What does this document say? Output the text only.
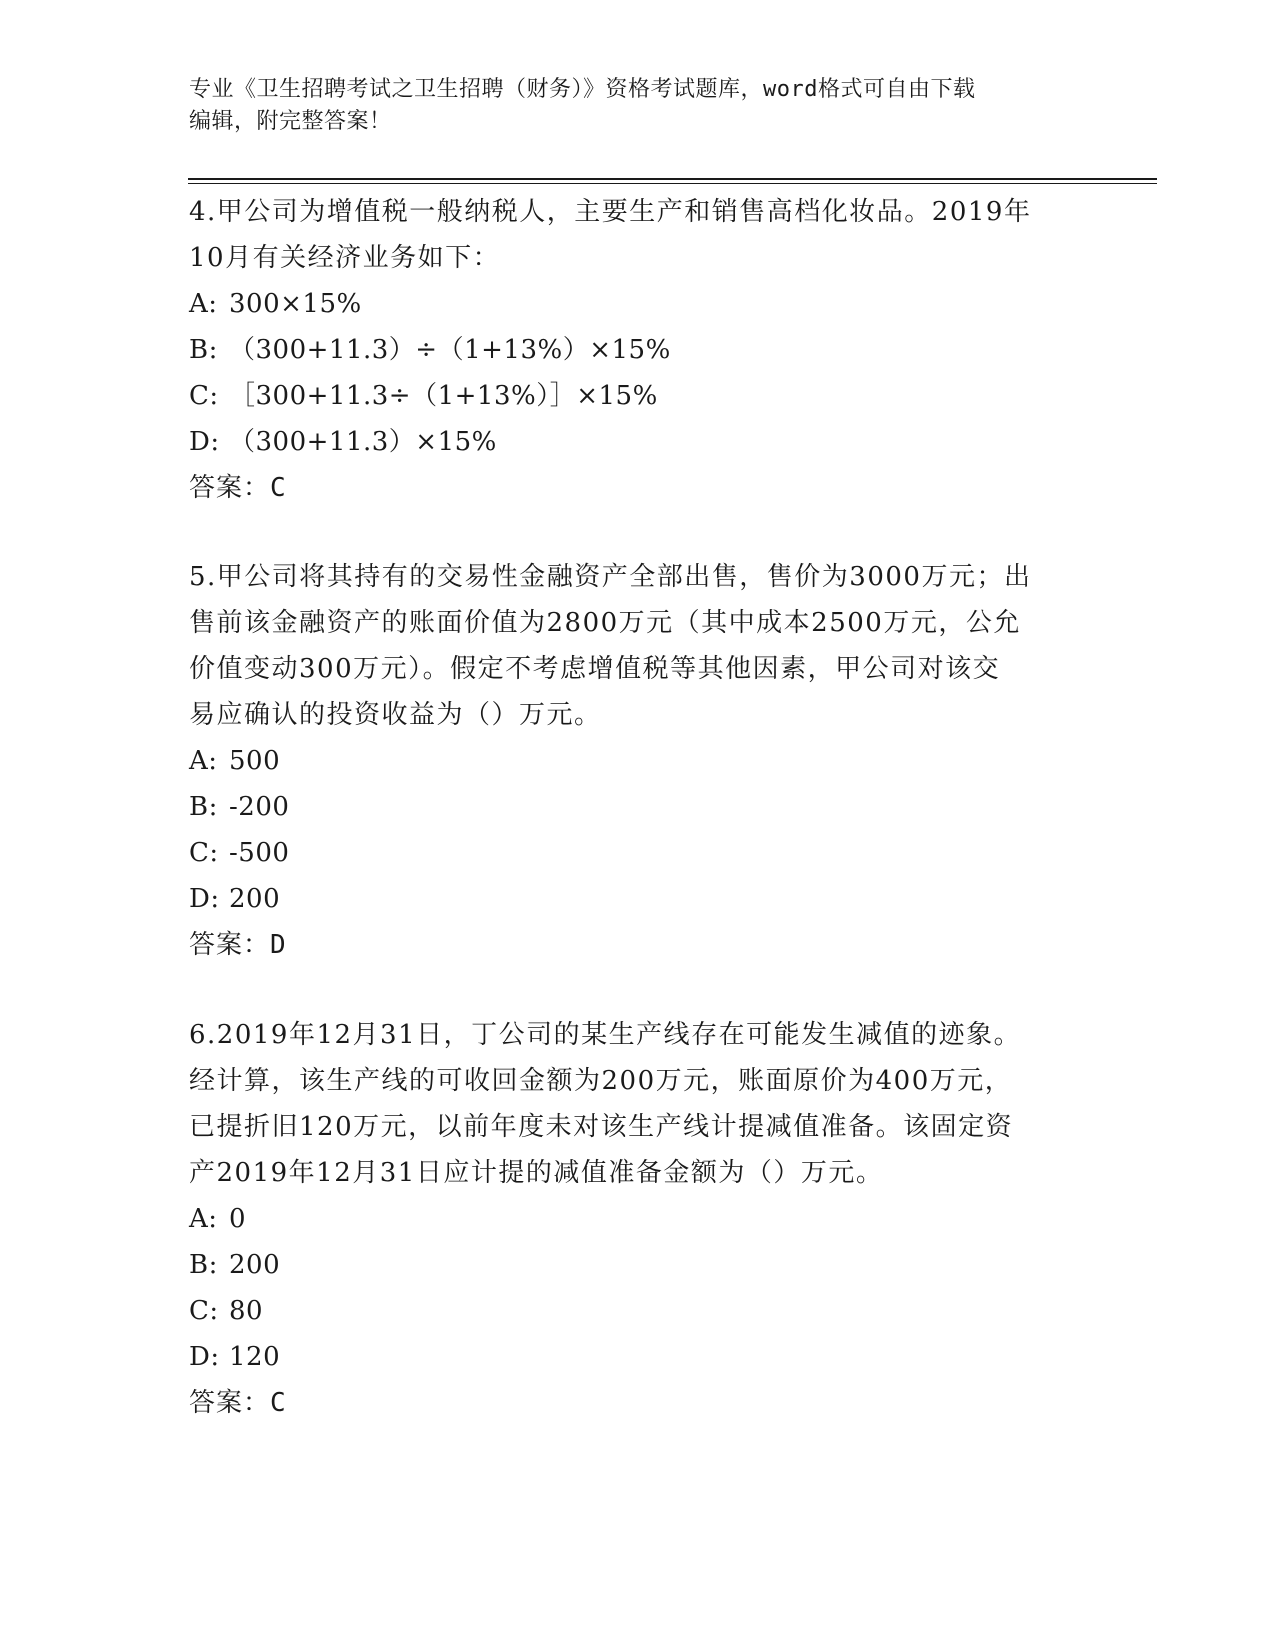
专业《卫生招聘考试之卫生招聘（财务）》资格考试题库，word格式可自由下载
编辑，附完整答案！
4.甲公司为增值税一般纳税人，主要生产和销售高档化妆品。2019年
10月有关经济业务如下：
A: 300×15%
B: （300+11.3）÷（1+13%）×15%
C: ［300+11.3÷（1+13%）］×15%
D: （300+11.3）×15%
答案：C
5.甲公司将其持有的交易性金融资产全部出售，售价为3000万元；出
售前该金融资产的账面价值为2800万元（其中成本2500万元，公允
价值变动300万元）。假定不考虑增值税等其他因素，甲公司对该交
易应确认的投资收益为（）万元。
A: 500
B: -200
C: -500
D: 200
答案：D
6.2019年12月31日，丁公司的某生产线存在可能发生减值的迹象。
经计算，该生产线的可收回金额为200万元，账面原价为400万元，
已提折旧120万元，以前年度未对该生产线计提减值准备。该固定资
产2019年12月31日应计提的减值准备金额为（）万元。
A: 0
B: 200
C: 80
D: 120
答案：C
